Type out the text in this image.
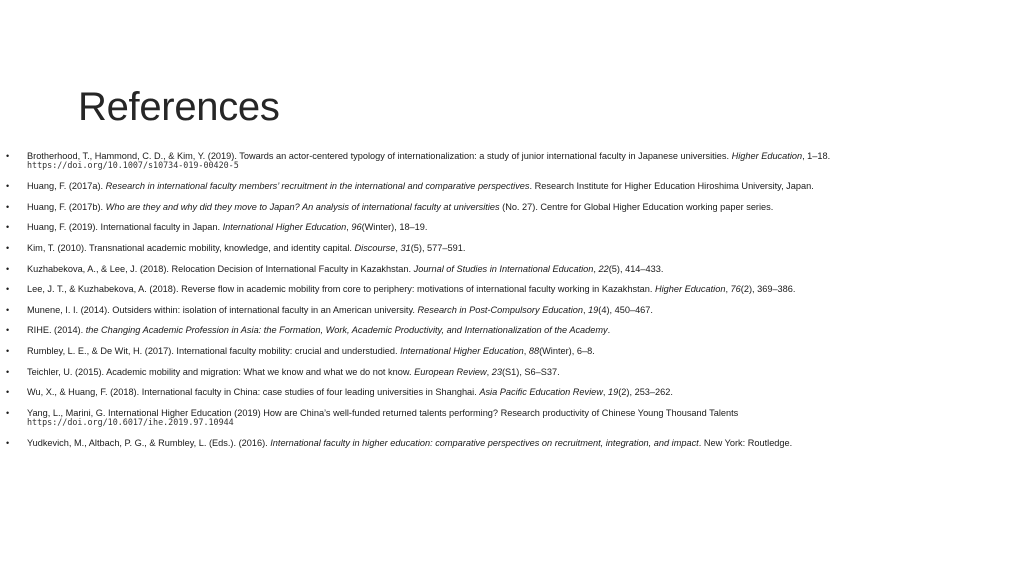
References
• Brotherhood, T., Hammond, C. D., & Kim, Y. (2019). Towards an actor-centered typology of internationalization: a study of junior international faculty in Japanese universities. Higher Education, 1–18.
https://doi.org/10.1007/s10734-019-00420-5
• Huang, F. (2017a). Research in international faculty members’ recruitment in the international and comparative perspectives. Research Institute for Higher Education Hiroshima University, Japan.
• Huang, F. (2017b). Who are they and why did they move to Japan? An analysis of international faculty at universities (No. 27). Centre for Global Higher Education working paper series.
• Huang, F. (2019). International faculty in Japan. International Higher Education, 96(Winter), 18–19.
• Kim, T. (2010). Transnational academic mobility, knowledge, and identity capital. Discourse, 31(5), 577–591.
• Kuzhabekova, A., & Lee, J. (2018). Relocation Decision of International Faculty in Kazakhstan. Journal of Studies in International Education, 22(5), 414–433.
• Lee, J. T., & Kuzhabekova, A. (2018). Reverse flow in academic mobility from core to periphery: motivations of international faculty working in Kazakhstan. Higher Education, 76(2), 369–386.
• Munene, I. I. (2014). Outsiders within: isolation of international faculty in an American university. Research in Post-Compulsory Education, 19(4), 450–467.
• RIHE. (2014). the Changing Academic Profession in Asia: the Formation, Work, Academic Productivity, and Internationalization of the Academy.
• Rumbley, L. E., & De Wit, H. (2017). International faculty mobility: crucial and understudied. International Higher Education, 88(Winter), 6–8.
• Teichler, U. (2015). Academic mobility and migration: What we know and what we do not know. European Review, 23(S1), S6–S37.
• Wu, X., & Huang, F. (2018). International faculty in China: case studies of four leading universities in Shanghai. Asia Pacific Education Review, 19(2), 253–262.
• Yang, L., Marini, G. International Higher Education (2019) How are China’s well-funded returned talents performing? Research productivity of Chinese Young Thousand Talents
https://doi.org/10.6017/ihe.2019.97.10944
• Yudkevich, M., Altbach, P. G., & Rumbley, L. (Eds.). (2016). International faculty in higher education: comparative perspectives on recruitment, integration, and impact. New York: Routledge.
